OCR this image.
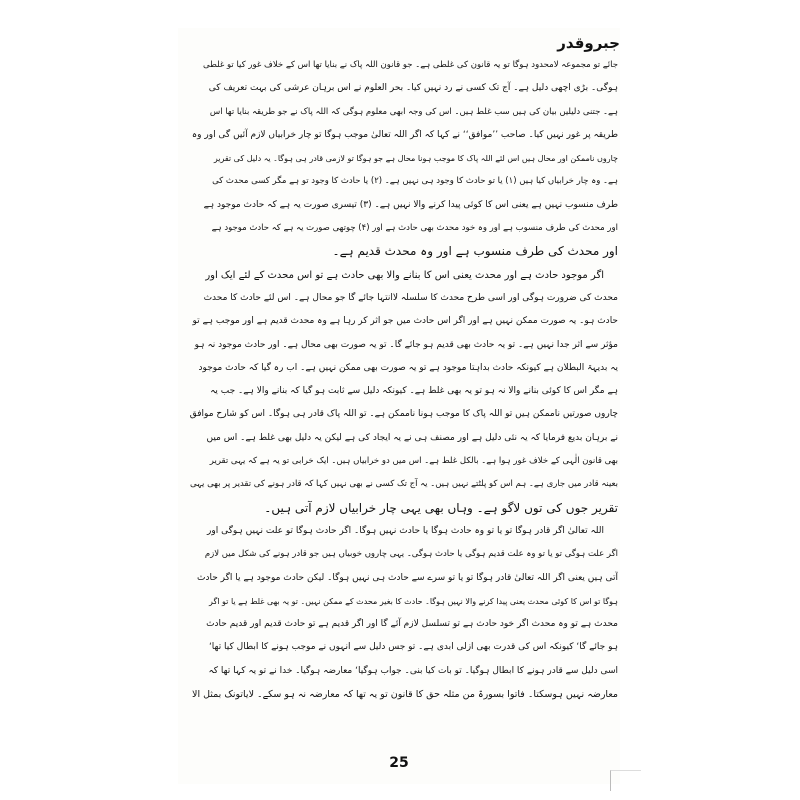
جبروقدر
جائے تو مجموعہ لامحدود ہوگا تو یہ قانون کی غلطی ہے۔ جو قانون اللہ پاک نے بنایا تھا اس کے خلاف غور کیا تو غلطی
ہوگی۔ بڑی اچھی دلیل ہے۔ آج تک کسی نے رد نہیں کیا۔ بحر العلوم نے اس برہان عرشی کی بہت تعریف کی
ہے۔ جتنی دلیلیں بیان کی ہیں سب غلط ہیں۔ اس کی وجہ ابھی معلوم ہوگی کہ اللہ پاک نے جو طریقہ بنایا تھا اس
طریقہ پر غور نہیں کیا۔ صاحب ’’موافق‘‘ نے کہا کہ اگر اللہ تعالیٰ موجب ہوگا تو چار خرابیاں لازم آئیں گی اور وہ
چاروں ناممکن اور محال ہیں اس لئے اللہ پاک کا موجب ہونا محال ہے جو ہوگا تو لازمی قادر ہی ہوگا۔ یہ دلیل کی تقریر
ہے۔ وہ چار خرابیاں کیا ہیں (۱) یا تو حادث کا وجود ہی نہیں ہے۔ (۲) یا حادث کا وجود تو ہے مگر کسی محدث کی
طرف منسوب نہیں ہے یعنی اس کا کوئی پیدا کرنے والا نہیں ہے۔ (۳) تیسری صورت یہ ہے کہ حادث موجود ہے
اور محدث کی طرف منسوب ہے اور وہ خود محدث بھی حادث ہے اور (۴) چوتھی صورت یہ ہے کہ حادث موجود ہے
اور محدث کی طرف منسوب ہے اور وہ محدث قدیم ہے۔
اگر موجود حادث ہے اور محدث یعنی اس کا بنانے والا بھی حادث ہے تو اس محدث کے لئے ایک اور
محدث کی ضرورت ہوگی اور اسی طرح محدث کا سلسلہ لاانتہا جائے گا جو محال ہے۔ اس لئے حادث کا محدث
حادث ہو۔ یہ صورت ممکن نہیں ہے اور اگر اس حادث میں جو اثر کر رہا ہے وہ محدث قدیم ہے اور موجب ہے تو
مؤثر سے اثر جدا نہیں ہے۔ تو یہ حادث بھی قدیم ہو جائے گا۔ تو یہ صورت بھی محال ہے۔ اور حادث موجود نہ ہو
یہ بدیہۃ البطلان ہے کیونکہ حادث بداہتا موجود ہے تو یہ صورت بھی ممکن نہیں ہے۔ اب رہ گیا کہ حادث موجود
ہے مگر اس کا کوئی بنانے والا نہ ہو تو یہ بھی غلط ہے۔ کیونکہ دلیل سے ثابت ہو گیا کہ بنانے والا ہے۔ جب یہ
چاروں صورتیں ناممکن ہیں تو اللہ پاک کا موجب ہونا ناممکن ہے۔ تو اللہ پاک قادر ہی ہوگا۔ اس کو شارح موافق
نے برہان بدیع فرمایا کہ یہ نئی دلیل ہے اور مصنف ہی نے یہ ایجاد کی ہے لیکن یہ دلیل بھی غلط ہے۔ اس میں
بھی قانون الٰہی کے خلاف غور ہوا ہے۔ بالکل غلط ہے۔ اس میں دو خرابیاں ہیں۔ ایک خرابی تو یہ ہے کہ یہی تقریر
بعینہ قادر میں جاری ہے۔ ہم اس کو پلٹتے نہیں ہیں۔ یہ آج تک کسی نے بھی نہیں کہا کہ قادر ہونے کی تقدیر پر بھی یہی
تقریر جوں کی توں لاگو ہے۔ وہاں بھی یہی چار خرابیاں لازم آتی ہیں۔
اللہ تعالیٰ اگر قادر ہوگا تو یا تو وہ حادث ہوگا یا حادث نہیں ہوگا۔ اگر حادث ہوگا تو علت نہیں ہوگی اور
اگر علت ہوگی تو یا تو وہ علت قدیم ہوگی یا حادث ہوگی۔ یہی چاروں خوبیاں ہیں جو قادر ہونے کی شکل میں لازم
آتی ہیں یعنی اگر اللہ تعالیٰ قادر ہوگا تو یا تو سرے سے حادث ہی نہیں ہوگا۔ لیکن حادث موجود ہے یا اگر حادث
ہوگا تو اس کا کوئی محدث یعنی پیدا کرنے والا نہیں ہوگا۔ حادث کا بغیر محدث کے ممکن نہیں۔ تو یہ بھی غلط ہے یا تو اگر
محدث ہے تو وہ محدث اگر خود حادث ہے تو تسلسل لازم آئے گا اور اگر قدیم ہے تو حادث قدیم اور قدیم حادث
ہو جائے گا‘ کیونکہ اس کی قدرت بھی ازلی ابدی ہے۔ تو جس دلیل سے انہوں نے موجب ہونے کا ابطال کیا تھا‘
اسی دلیل سے قادر ہونے کا ابطال ہوگیا۔ تو بات کیا بنی۔ جواب ہوگیا‘ معارضہ ہوگیا۔ خدا نے تو یہ کہا تھا کہ
معارضہ نہیں ہوسکتا۔ فاتوا بسورۃ من مثلہ حق کا قانون تو یہ تھا کہ معارضہ نہ ہو سکے۔ لایاتونک بمثل الا
25
